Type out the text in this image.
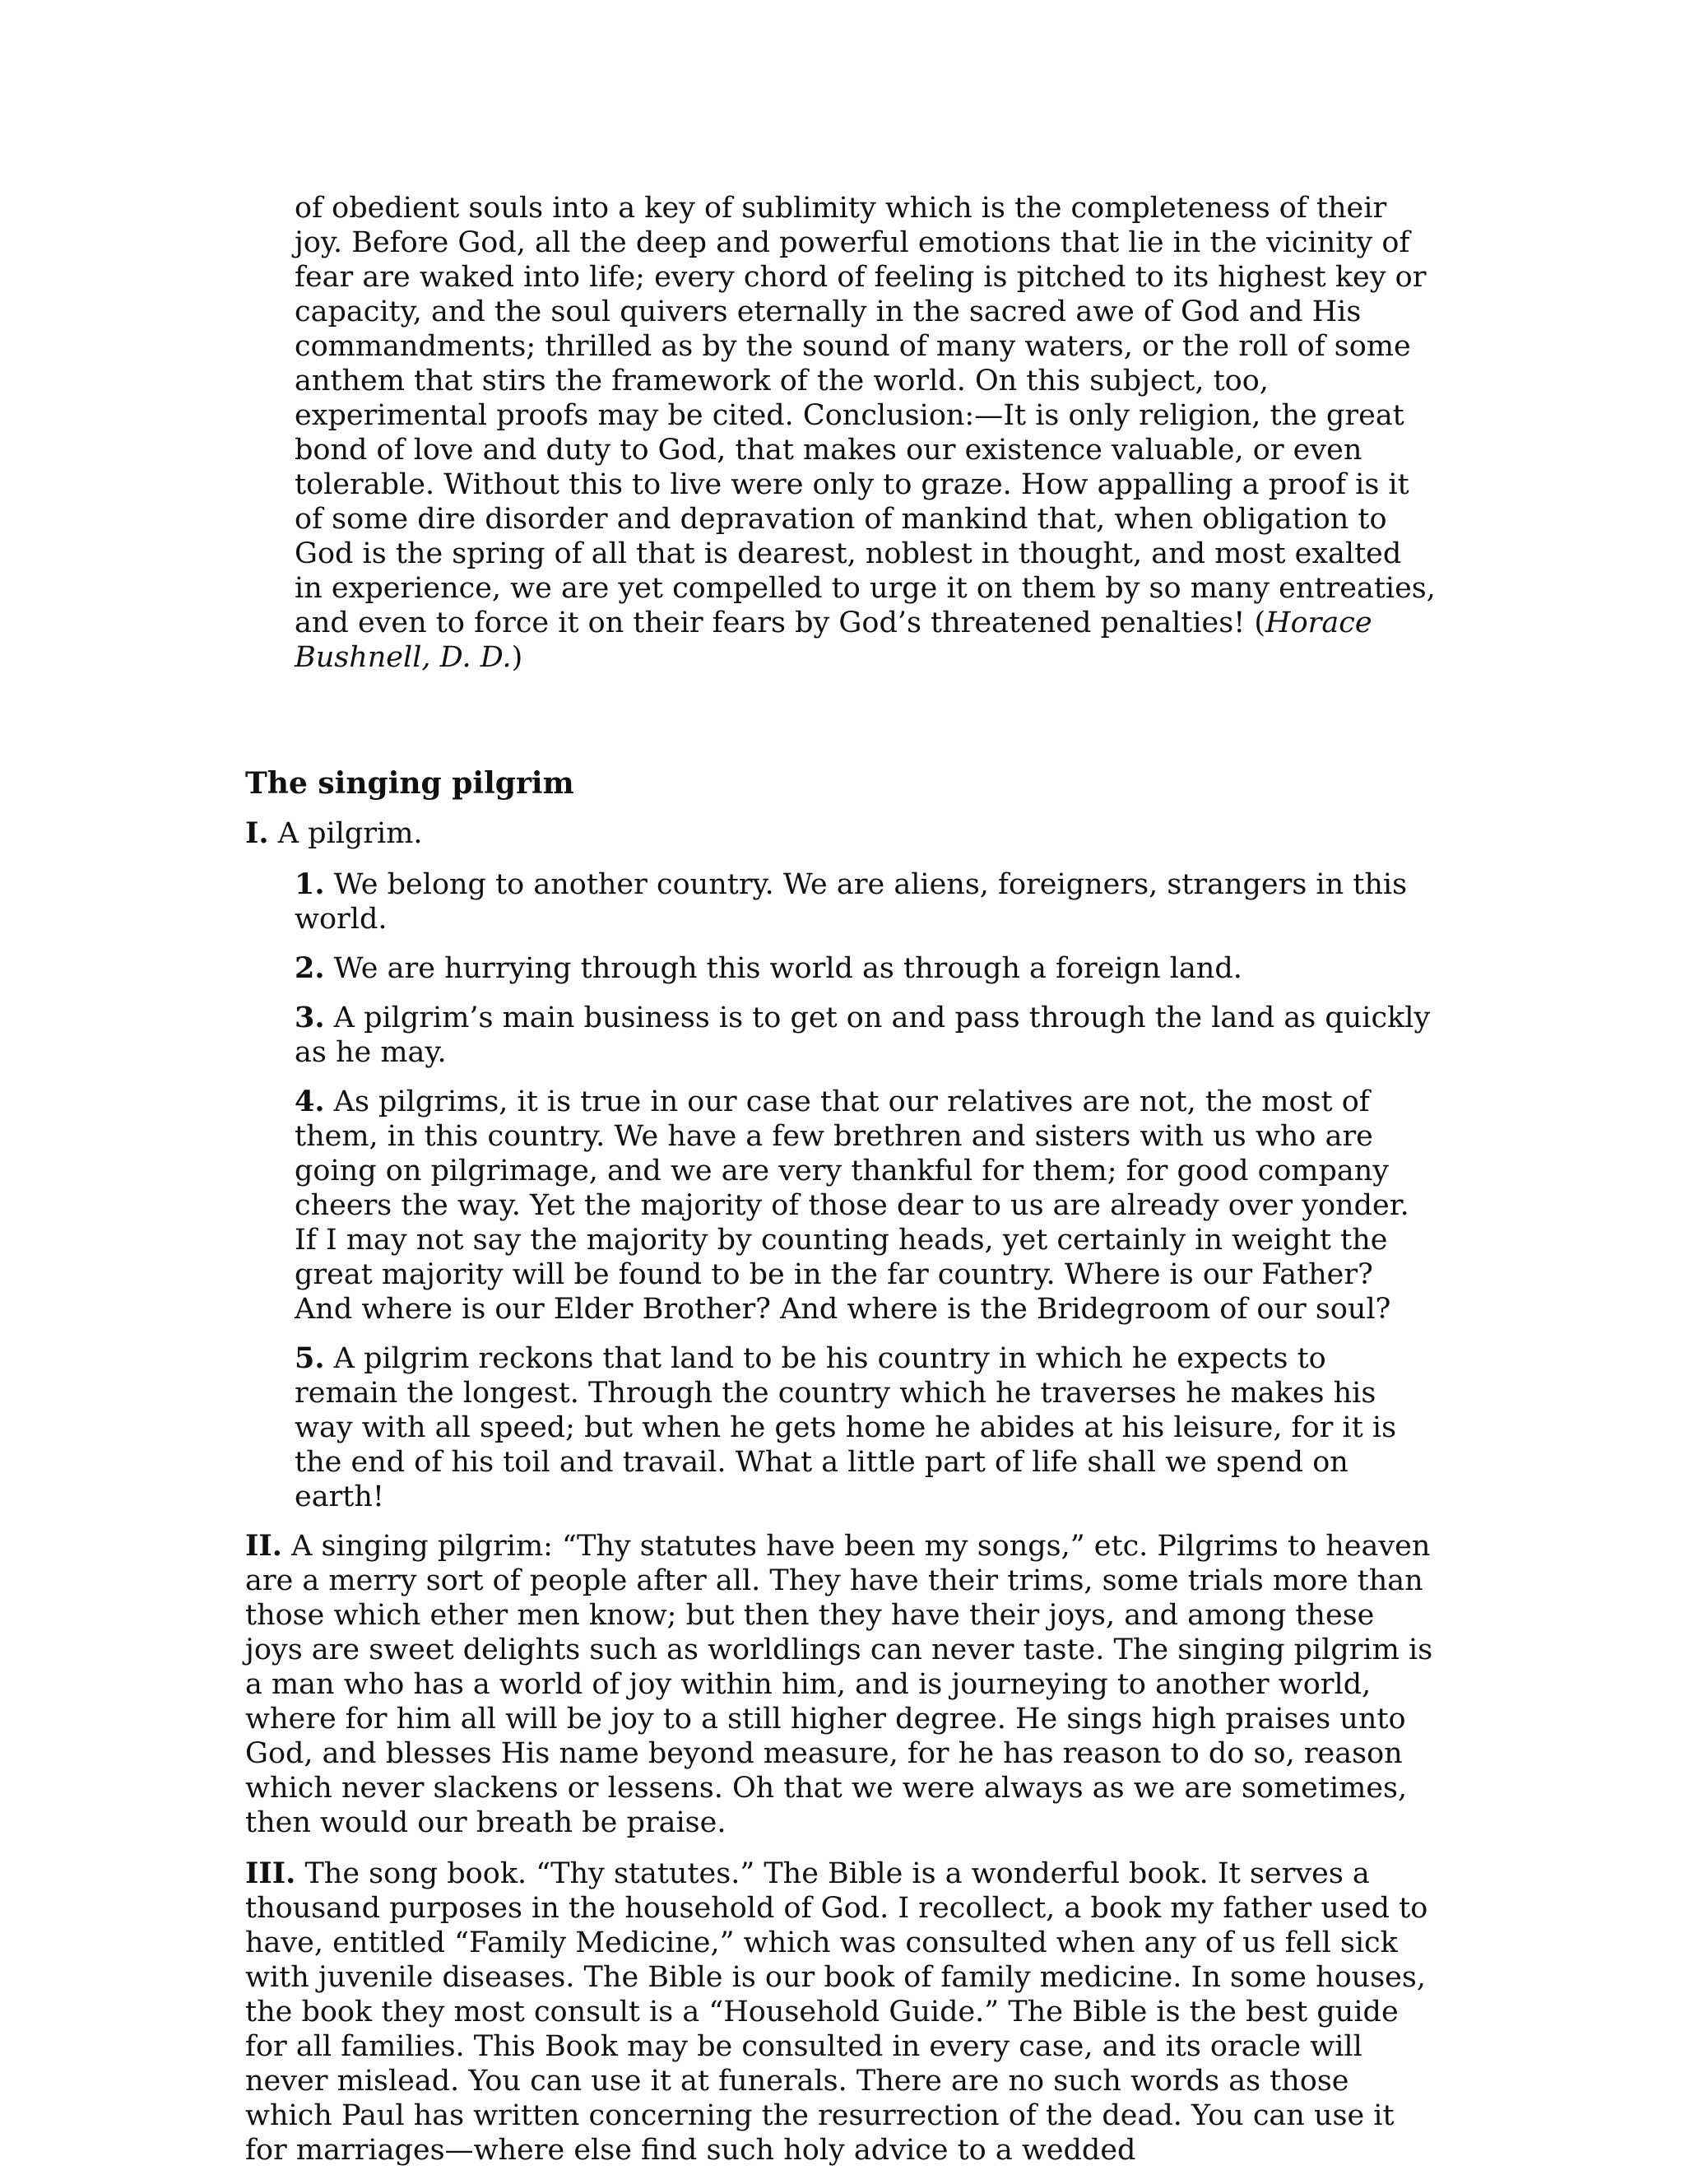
of obedient souls into a key of sublimity which is the completeness of their joy. Before God, all the deep and powerful emotions that lie in the vicinity of fear are waked into life; every chord of feeling is pitched to its highest key or capacity, and the soul quivers eternally in the sacred awe of God and His commandments; thrilled as by the sound of many waters, or the roll of some anthem that stirs the framework of the world. On this subject, too, experimental proofs may be cited. Conclusion:—It is only religion, the great bond of love and duty to God, that makes our existence valuable, or even tolerable. Without this to live were only to graze. How appalling a proof is it of some dire disorder and depravation of mankind that, when obligation to God is the spring of all that is dearest, noblest in thought, and most exalted in experience, we are yet compelled to urge it on them by so many entreaties, and even to force it on their fears by God’s threatened penalties! (Horace Bushnell, D. D.)

The singing pilgrim

I. A pilgrim.

1. We belong to another country. We are aliens, foreigners, strangers in this world.

2. We are hurrying through this world as through a foreign land.

3. A pilgrim’s main business is to get on and pass through the land as quickly as he may.

4. As pilgrims, it is true in our case that our relatives are not, the most of them, in this country. We have a few brethren and sisters with us who are going on pilgrimage, and we are very thankful for them; for good company cheers the way. Yet the majority of those dear to us are already over yonder. If I may not say the majority by counting heads, yet certainly in weight the great majority will be found to be in the far country. Where is our Father? And where is our Elder Brother? And where is the Bridegroom of our soul?

5. A pilgrim reckons that land to be his country in which he expects to remain the longest. Through the country which he traverses he makes his way with all speed; but when he gets home he abides at his leisure, for it is the end of his toil and travail. What a little part of life shall we spend on earth!

II. A singing pilgrim: “Thy statutes have been my songs,” etc. Pilgrims to heaven are a merry sort of people after all. They have their trims, some trials more than those which ether men know; but then they have their joys, and among these joys are sweet delights such as worldlings can never taste. The singing pilgrim is a man who has a world of joy within him, and is journeying to another world, where for him all will be joy to a still higher degree. He sings high praises unto God, and blesses His name beyond measure, for he has reason to do so, reason which never slackens or lessens. Oh that we were always as we are sometimes, then would our breath be praise.

III. The song book. “Thy statutes.” The Bible is a wonderful book. It serves a thousand purposes in the household of God. I recollect, a book my father used to have, entitled “Family Medicine,” which was consulted when any of us fell sick with juvenile diseases. The Bible is our book of family medicine. In some houses, the book they most consult is a “Household Guide.” The Bible is the best guide for all families. This Book may be consulted in every case, and its oracle will never mislead. You can use it at funerals. There are no such words as those which Paul has written concerning the resurrection of the dead. You can use it for marriages—where else find such holy advice to a wedded
